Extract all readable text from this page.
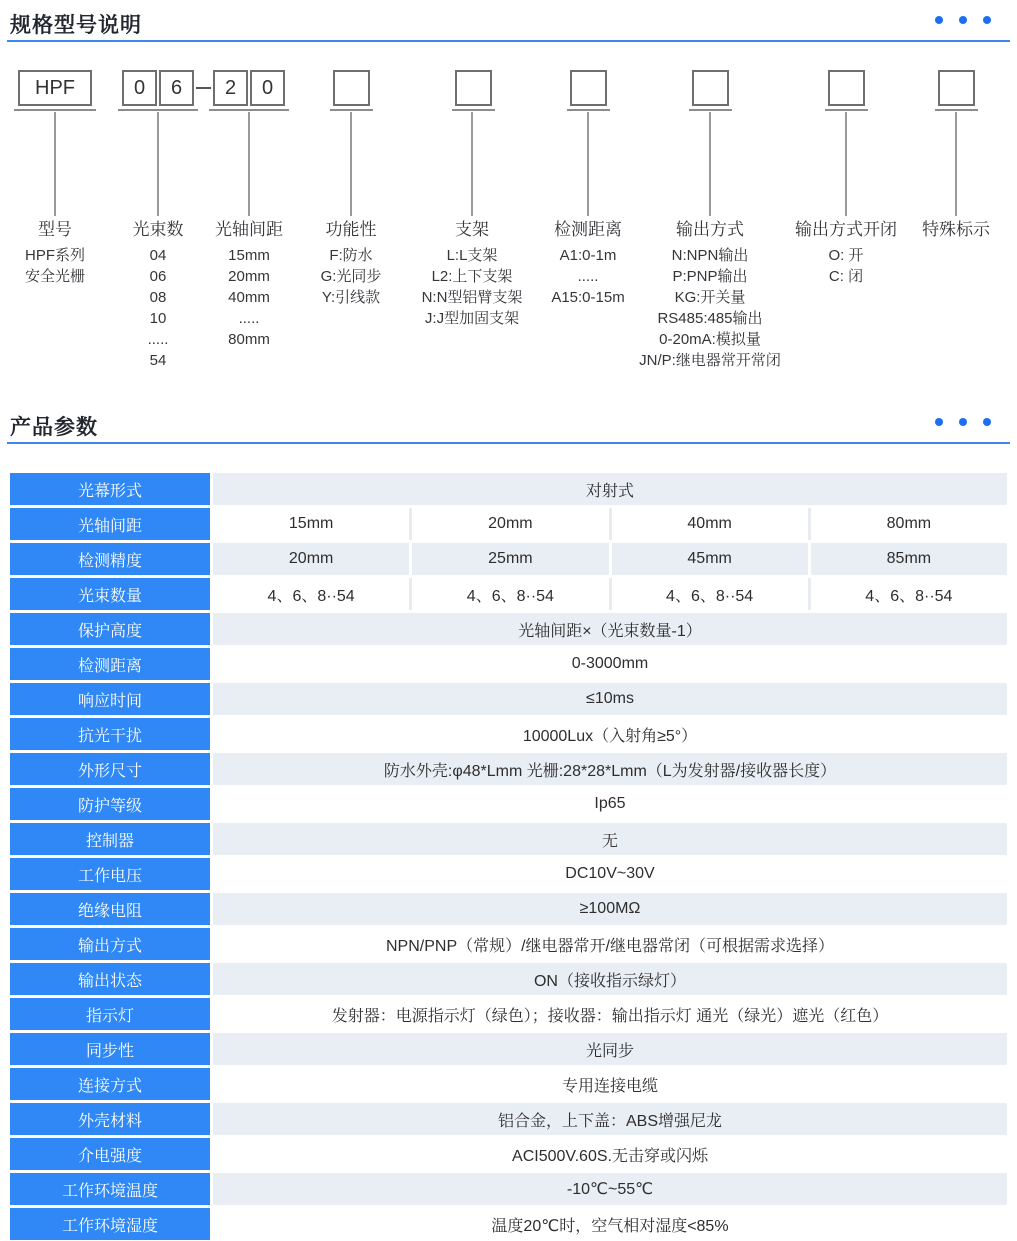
规格型号说明
HPF	0	6	2	0
型号
HPF系列
安全光栅
光束数
04
06
08
10
.....
54
光轴间距
15mm
20mm
40mm
.....
80mm
功能性
F:防水
G:光同步
Y:引线款
支架
L:L支架
L2:上下支架
N:N型铝臂支架
J:J型加固支架
检测距离
A1:0-1m
.....
A15:0-15m
输出方式
N:NPN输出
P:PNP输出
KG:开关量
RS485:485输出
0-20mA:模拟量
JN/P:继电器常开常闭
输出方式开闭
O: 开
C: 闭
特殊标示
产品参数
光幕形式	对射式
光轴间距	15mm	20mm	40mm	80mm
检测精度	20mm	25mm	45mm	85mm
光束数量	4、6、8··54	4、6、8··54	4、6、8··54	4、6、8··54
保护高度	光轴间距×（光束数量-1）
检测距离	0-3000mm
响应时间	≤10ms
抗光干扰	10000Lux（入射角≥5°）
外形尺寸	防水外壳:φ48*Lmm 光栅:28*28*Lmm（L为发射器/接收器长度）
防护等级	Ip65
控制器	无
工作电压	DC10V~30V
绝缘电阻	≥100MΩ
输出方式	NPN/PNP（常规）/继电器常开/继电器常闭（可根据需求选择）
输出状态	ON（接收指示绿灯）
指示灯	发射器：电源指示灯（绿色）；接收器：输出指示灯 通光（绿光）遮光（红色）
同步性	光同步
连接方式	专用连接电缆
外壳材料	铝合金，上下盖：ABS增强尼龙
介电强度	ACI500V.60S.无击穿或闪烁
工作环境温度	-10℃~55℃
工作环境湿度	温度20℃时，空气相对湿度<85%
